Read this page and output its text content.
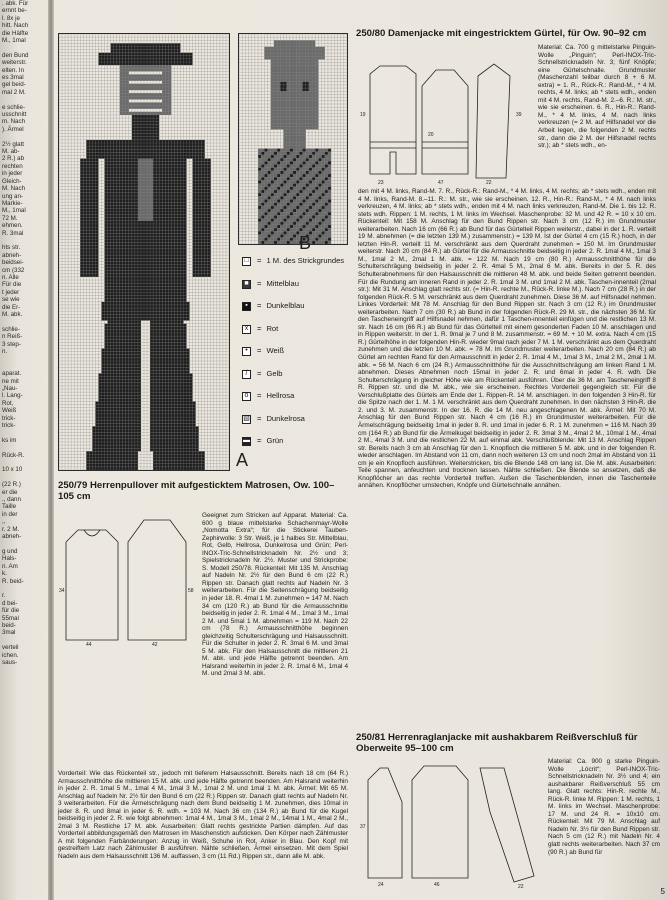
. abk. Für
ernnt be-
l. 8x je
hitt. Nach
die Hälfte
M., 1mal
den Bund
weiterstr.
elten. In
es 3mal
gel beid-
mal 2 M.
e schlie-
usschnitt
m. Nach
). Ärmel
2½ glatt
M. ab-
2 R.) ab
rechten
in jeder
Gleich-
M. Nach
ung an-
Markie-
M., 1mal
72 M.
ehmen.
R. 3mal
hts str.
abneh-
beidsei-
cm (332
n. Alle
Für die
t jeder
se wie
die Er-
M. abk.
schlie-
n Reiß-
3 step-
n.
aparat.
ne mit
„Nau-
l. Lang-
Rot,
Weiß
trick-
trick-
ks im
Rück-R.
10 x 10
(22 R.)
er die
., dann
Taille
in der
,,
r. 2 M.
abneh-
g und
Hals-
n. Am
k.
R. beid-
r.
d bei-
für die
55mal
beid-
3mal
verteil
ichen.
saus-
A
B
□ = 1 M. des Strickgrundes
■ = Mittelblau
▪ = Dunkelblau
x = Rot
•	= Weiß
/	= Gelb
o = Hellrosa
▧ = Dunkelrosa
▬ = Grün
250/80 Damenjacke mit eingestricktem Gürtel, für Ow. 90–92 cm
23	47	22
19	39
20
Material: Ca. 700 g mittelstarke Pinguin-Wolle „Pinguin“; Perl-INOX-Tric-Schnellstricknadeln Nr. 3; fünf Knöpfe; eine Gürtelschnalle. Grundmuster (Maschenzahl teilbar durch 8 + 6 M. extra) = 1. R., Rück-R.: Rand-M., * 4 M. rechts, 4 M. links; ab * stets wdh., enden mit 4 M. rechts, Rand-M. 2.–6. R.: M. str., wie sie erscheinen. 6. R., Hin-R.: Rand-M., * 4 M. links, 4 M. nach links verkreuzen (= 2 M. auf Hilfsnadel vor die Arbeit legen, die folgenden 2 M. rechts str., dann die 2 M. der Hilfsnadel rechts str.); ab * stets wdh., en-
den mit 4 M. links, Rand-M. 7. R., Rück-R.: Rand-M., * 4 M. links, 4 M. rechts; ab * stets wdh., enden mit 4 M. links, Rand-M. 8.–11. R.: M. str., wie sie erscheinen. 12. R., Hin-R.: Rand-M., * 4 M. nach links verkreuzen, 4 M. links; ab * stets wdh., enden mit 4 M. nach links verkreuzen, Rand-M. Die 1. bis 12. R. stets wdh. Rippen: 1 M. rechts, 1 M. links im Wechsel. Maschenprobe: 32 M. und 42 R. = 10 x 10 cm. Rückenteil: Mit 158 M. Anschlag für den Bund Rippen str. Nach 3 cm (12 R.) im Grundmuster weiterarbeiten. Nach 16 cm (66 R.) ab Bund für das Gürtelteil Rippen weiterstr., dabei in der 1. R. verteilt 19 M. abnehmen (= die letzten 139 M.) zusammenstr.) = 139 M. Ist der Gürtel 4 cm (15 R.) hoch, in der letzten Hin-R. verteilt 11 M. verschränkt aus dem Querdraht zunehmen = 150 M. Im Grundmuster weiterstr. Nach 20 cm (84 R.) ab Gürtel für die Armausschnitte beidseitig in jeder 2. R. 1mal 4 M., 1mal 3 M., 1mal 2 M., 2mal 1 M. abk. = 122 M. Nach 19 cm (80 R.) Armausschnitthöhe für die Schulterschrägung beidseitig in jeder 2. R. 4mal 5 M., 2mal 6 M. abk. Bereits in der 5. R. des Schulterabnehmens für den Halsausschnitt die mittleren 48 M. abk. und beide Seiten getrennt beenden. Für die Rundung am inneren Rand in jeder 2. R. 1mal 3 M. und 1mal 2 M. abk. Taschen-innenteil (2mal str.): Mit 31 M. Anschlag glatt rechts str. (= Hin-R. rechte M., Rück-R. linke M.). Nach 7 cm (28 R.) in der folgenden Rück-R. 5 M. verschränkt aus dem Querdraht zunehmen. Diese 36 M. auf Hilfsnadel nehmen. Linkes Vorderteil: Mit 78 M. Anschlag für den Bund Rippen str. Nach 3 cm (12 R.) im Grundmuster weiterarbeiten. Nach 7 cm (30 R.) ab Bund in der folgenden Rück-R. 29 M. str., die nächsten 36 M. für den Tascheneingriff auf Hilfsnadel nehmen, dafür 1 Taschen-innenteil einfügen und die restlichen 13 M. str. Nach 16 cm (66 R.) ab Bund für das Gürtelteil mit einem gesonderten Faden 10 M. anschlagen und in Rippen weiterstr. In der 1. R. 9mal je 7 und 8 M. zusammenstr. = 69 M. + 10 M. extra. Nach 4 cm (15 R.) Gürtelhöhe in der folgenden Hin-R. wieder 9mal nach jeder 7 M. 1 M. verschränkt aus dem Querdraht zunehmen und die letzten 10 M. abk. = 78 M. Im Grundmuster weiterarbeiten. Nach 20 cm (84 R.) ab Gürtel am rechten Rand für den Armausschnitt in jeder 2. R. 1mal 4 M., 1mal 3 M., 1mal 2 M., 2mal 1 M. abk. = 56 M. Nach 6 cm (24 R.) Armausschnitthöhe für die Ausschnittschrägung am linken Rand 1 M. abnehmen. Dieses Abnehmen noch 15mal in jeder 2. R. und 6mal in jeder 4. R. wdh. Die Schulterschrägung in gleicher Höhe wie am Rückenteil ausführen. Über die 36 M. am Tascheneingriff 8 R. Rippen str. und die M. abk., wie sie erscheinen. Rechtes Vorderteil gegengleich str. Für die Verschlußplatte des Gürtels am Ende der 1. Rippen-R. 14 M. anschlagen. In den folgenden 3 Hin-R. für die Spitze nach der 1. M. 1 M. verschränkt aus dem Querdraht zunehmen. In den nächsten 3 Hin-R. die 2. und 3. M. zusammenstr. In der 16. R. die 14 M. neu angeschlagenen M. abk. Ärmel: Mit 70 M. Anschlag für den Bund Rippen str. Nach 4 cm (16 R.) im Grundmuster weiterarbeiten. Für die Ärmelschrägung beidseitig 1mal in jeder 8. R. und 1mal in jeder 6. R. 1 M. zunehmen = 116 M. Nach 39 cm (164 R.) ab Bund für die Ärmelkugel beidseitig in jeder 2. R. 3mal 3 M., 4mal 2 M., 10mal 1 M., 4mal 2 M., 4mal 3 M. und die restlichen 22 M. auf einmal abk. Verschlußblende: Mit 13 M. Anschlag Rippen str. Bereits nach 3 cm ab Anschlag für den 1. Knopfloch die mittleren 5 M. abk. und in der folgenden R. wieder anschlagen. Im Abstand von 11 cm, dann noch weiteren 13 cm und noch 2mal im Abstand von 11 cm je ein Knopfloch ausführen. Weiterstricken, bis die Blende 148 cm lang ist. Die M. abk. Ausarbeiten: Teile spannen, anfeuchten und trocknen lassen. Nähte schließen. Die Blende so ansetzen, daß die Knopflöcher an das rechte Vorderteil treffen. Außen die Taschenblenden, innen die Taschenteile annähen. Knopflöcher umstechen, Knöpfe und Gürtelschnalle annähen.
250/79 Herrenpullover mit aufgesticktem Matrosen, Ow. 100–105 cm
44	42
58
34
Geeignet zum Stricken auf Apparat. Material: Ca. 600 g blaue mittelstarke Schachenmayr-Wolle „Nomotta Extra“; für die Stickerei Tauben-Zephirwolle: 3 Str. Weiß, je 1 halbes Str. Mittelblau, Rot, Gelb, Hellrosa, Dunkelrosa und Grün; Perl-INOX-Tric-Schnellstricknadeln Nr. 2½ und 3; Spielstricknadeln Nr. 2½. Muster und Strickprobe: S. Modell 250/78. Rückenteil: Mit 135 M. Anschlag auf Nadeln Nr. 2½ für den Bund 6 cm (22 R.) Rippen str. Danach glatt rechts auf Nadeln Nr. 3 weiterarbeiten. Für die Seitenschrägung beidseitig in jeder 18. R. 4mal 1 M. zunehmen = 147 M. Nach 34 cm (120 R.) ab Bund für die Armausschnitte beidseitig in jeder 2. R. 1mal 4 M., 1mal 3 M., 1mal 2 M. und 5mal 1 M. abnehmen = 119 M. Nach 22 cm (78 R.) Armausschnitthöhe beginnen gleichzeitig Schulterschrägung und Halsausschnitt. Für die Schulter in jeder 2. R. 3mal 6 M. und 3mal 5 M. abk. Für den Halsausschnitt die mittleren 21 M. abk. und jede Hälfte getrennt beenden. Am Halsrand weiterhin in jeder 2. R. 1mal 6 M., 1mal 4 M. und 2mal 3 M. abk.
Vorderteil: Wie das Rückenteil str., jedoch mit tieferem Halsausschnitt. Bereits nach 18 cm (64 R.) Armausschnitthöhe die mittleren 15 M. abk. und jede Hälfte getrennt beenden. Am Halsrand weiterhin in jeder 2. R. 1mal 5 M., 1mal 4 M., 1mal 3 M., 1mal 2 M. und 1mal 1 M. abk. Ärmel: Mit 65 M. Anschlag auf Nadeln Nr. 2½ für den Bund 6 cm (22 R.) Rippen str. Danach glatt rechts auf Nadeln Nr. 3 weiterarbeiten. Für die Ärmelschrägung nach dem Bund beidseitig 1 M. zunehmen, dies 10mal in jeder 8. R. und 8mal in jeder 6. R. wdh. = 103 M. Nach 36 cm (134 R.) ab Bund für die Kugel beidseitig in jeder 2. R. wie folgt abnehmen: 1mal 4 M., 1mal 3 M., 1mal 2 M., 14mal 1 M., 4mal 2 M., 2mal 3 M. Restliche 17 M. abk. Ausarbeiten: Glatt rechts gestrickte Partien dämpfen. Auf das Vorderteil abbildungsgemäß den Matrosen im Maschenstich aufsticken. Den Körper nach Zählmuster A mit folgenden Farbänderungen: Anzug in Weiß, Schuhe in Rot, Anker in Blau. Den Kopf mit gestreiftem Latz nach Zählmuster B ausführen. Nähte schließen, Ärmel einsetzen. Mit dem Spiel Nadeln aus dem Halsausschnitt 136 M. auffassen, 3 cm (11 Rd.) Rippen str., dann alle M. abk.
250/81 Herrenraglanjacke mit aushakbarem Reißverschluß für Oberweite 95–100 cm
24	46	22
37
Material: Ca. 900 g starke Pinguin-Wolle „Lócrit“; Perl-INOX-Tric-Schnellstricknadeln Nr. 3½ und 4; ein aushakbarer Reißverschluß 55 cm lang. Glatt rechts: Hin-R. rechte M., Rück-R. linke M. Rippen: 1 M. rechts, 1 M. links im Wechsel. Maschenprobe: 17 M. und 24 R. = 10x10 cm. Rückenteil: Mit 79 M. Anschlag auf Nadeln Nr. 3½ für den Bund Rippen str. Nach 5 cm (12 R.) mit Nadeln Nr. 4 glatt rechts weiterarbeiten. Nach 37 cm (90 R.) ab Bund für
5
